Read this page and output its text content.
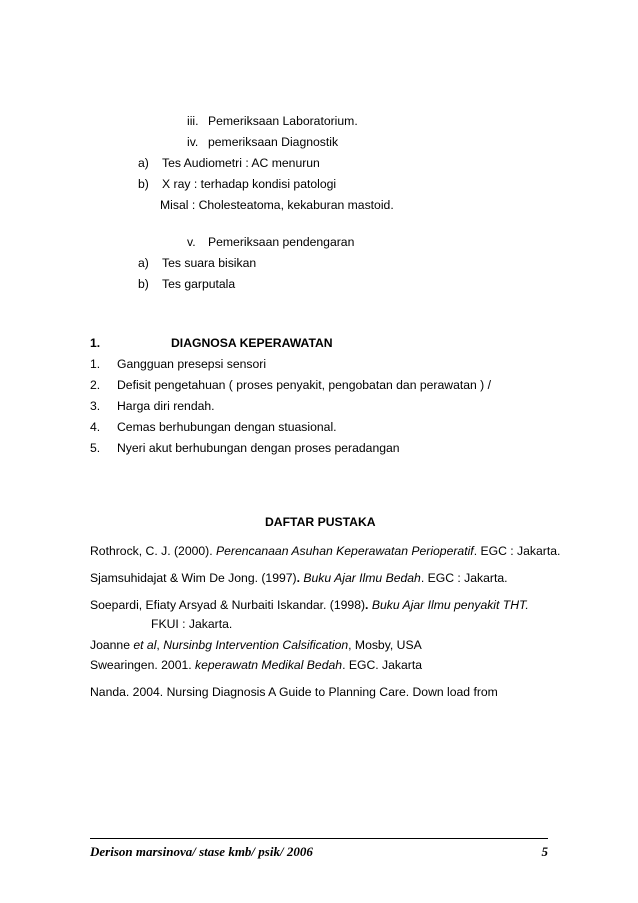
iii. Pemeriksaan Laboratorium.
iv. pemeriksaan Diagnostik
a) Tes Audiometri : AC menurun
b) X ray : terhadap kondisi patologi
Misal : Cholesteatoma, kekaburan mastoid.
v. Pemeriksaan pendengaran
a) Tes suara bisikan
b) Tes garputala
1.	DIAGNOSA KEPERAWATAN
1. Gangguan presepsi sensori
2. Defisit pengetahuan ( proses penyakit, pengobatan dan perawatan ) /
3. Harga diri rendah.
4. Cemas berhubungan dengan stuasional.
5. Nyeri akut berhubungan dengan proses peradangan
DAFTAR PUSTAKA
Rothrock, C. J. (2000). Perencanaan Asuhan Keperawatan Perioperatif. EGC : Jakarta.
Sjamsuhidajat & Wim De Jong. (1997). Buku Ajar Ilmu Bedah. EGC : Jakarta.
Soepardi, Efiaty Arsyad & Nurbaiti Iskandar. (1998). Buku Ajar Ilmu penyakit THT.
FKUI : Jakarta.
Joanne et al, Nursinbg Intervention Calsification, Mosby, USA
Swearingen. 2001. keperawatn Medikal Bedah. EGC. Jakarta
Nanda. 2004. Nursing Diagnosis A Guide to Planning Care. Down load from
Derison marsinova/ stase kmb/ psik/ 2006	5
